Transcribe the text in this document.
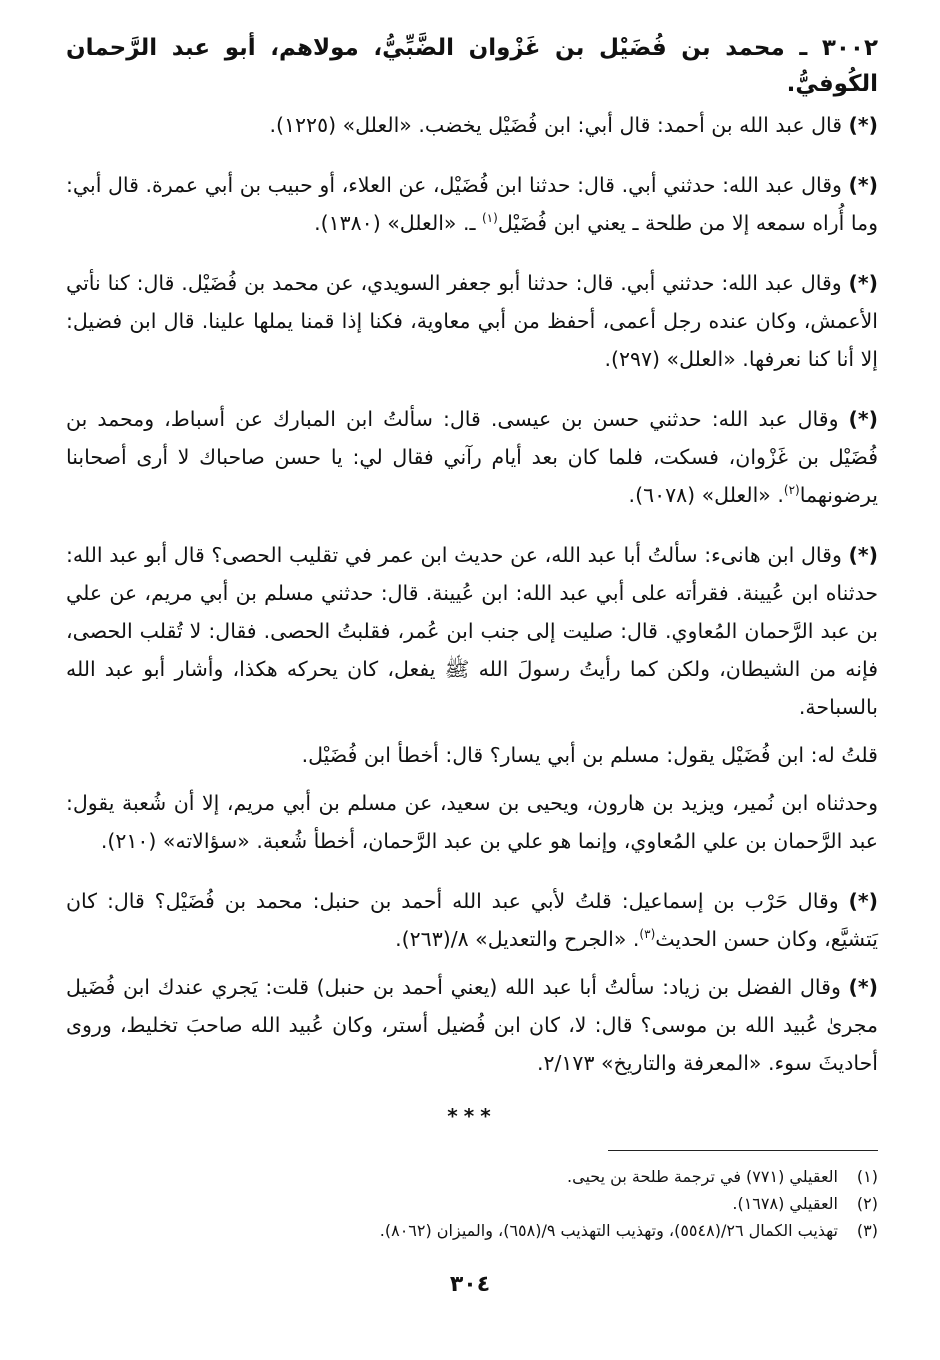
٣٠٠٢ ـ محمد بن فُضَيْل بن غَزْوان الضَّبِّيُّ، مولاهم، أبو عبد الرَّحمان الكُوفيُّ.

(*) قال عبد الله بن أحمد: قال أبي: ابن فُضَيْل يخضب. «العلل» (١٢٢٥).

(*) وقال عبد الله: حدثني أبي. قال: حدثنا ابن فُضَيْل، عن العلاء، أو حبيب بن أبي عمرة. قال أبي: وما أُراه سمعه إلا من طلحة ـ يعني ابن فُضَيْل$^{(١)}$ ـ. «العلل» (١٣٨٠).

(*) وقال عبد الله: حدثني أبي. قال: حدثنا أبو جعفر السويدي، عن محمد بن فُضَيْل. قال: كنا نأتي الأعمش، وكان عنده رجل أعمى، أحفظ من أبي معاوية، فكنا إذا قمنا يملها علينا. قال ابن فضيل: إلا أنا كنا نعرفها. «العلل» (٢٩٧).

(*) وقال عبد الله: حدثني حسن بن عيسى. قال: سألتُ ابن المبارك عن أسباط، ومحمد بن فُضَيْل بن غَزْوان، فسكت، فلما كان بعد أيام رآني فقال لي: يا حسن صاحباك لا أرى أصحابنا يرضونهما$^{(٢)}$. «العلل» (٦٠٧٨).

(*) وقال ابن هانىء: سألتُ أبا عبد الله، عن حديث ابن عمر في تقليب الحصى؟ قال أبو عبد الله: حدثناه ابن عُيينة. فقرأته على أبي عبد الله: ابن عُيينة. قال: حدثني مسلم بن أبي مريم، عن علي بن عبد الرَّحمان المُعاوي. قال: صليت إلى جنب ابن عُمر، فقلبتُ الحصى. فقال: لا تُقلب الحصى، فإنه من الشيطان، ولكن كما رأيتُ رسولَ الله ﷺ يفعل، كان يحركه هكذا، وأشار أبو عبد الله بالسباحة.

قلتُ له: ابن فُضَيْل يقول: مسلم بن أبي يسار؟ قال: أخطأ ابن فُضَيْل.

وحدثناه ابن نُمير، ويزيد بن هارون، ويحيى بن سعيد، عن مسلم بن أبي مريم، إلا أن شُعبة يقول: عبد الرَّحمان بن علي المُعاوي، وإنما هو علي بن عبد الرَّحمان، أخطأ شُعبة. «سؤالاته» (٢١٠).

(*) وقال حَرْب بن إسماعيل: قلتُ لأبي عبد الله أحمد بن حنبل: محمد بن فُضَيْل؟ قال: كان يَتشيَّع، وكان حسن الحديث$^{(٣)}$. «الجرح والتعديل» ٨/(٢٦٣).

(*) وقال الفضل بن زياد: سألتُ أبا عبد الله (يعني أحمد بن حنبل) قلت: يَجري عندك ابن فُضَيل مجرىٰ عُبيد الله بن موسى؟ قال: لا، كان ابن فُضيل أستر، وكان عُبيد الله صاحبَ تخليط، وروى أحاديثَ سوء. «المعرفة والتاريخ» ٢/١٧٣.

***
(١)العقيلي (٧٧١) في ترجمة طلحة بن يحيى.
(٢)العقيلي (١٦٧٨).
(٣)تهذيب الكمال ٢٦/(٥٥٤٨)، وتهذيب التهذيب ٩/(٦٥٨)، والميزان (٨٠٦٢).
٣٠٤
